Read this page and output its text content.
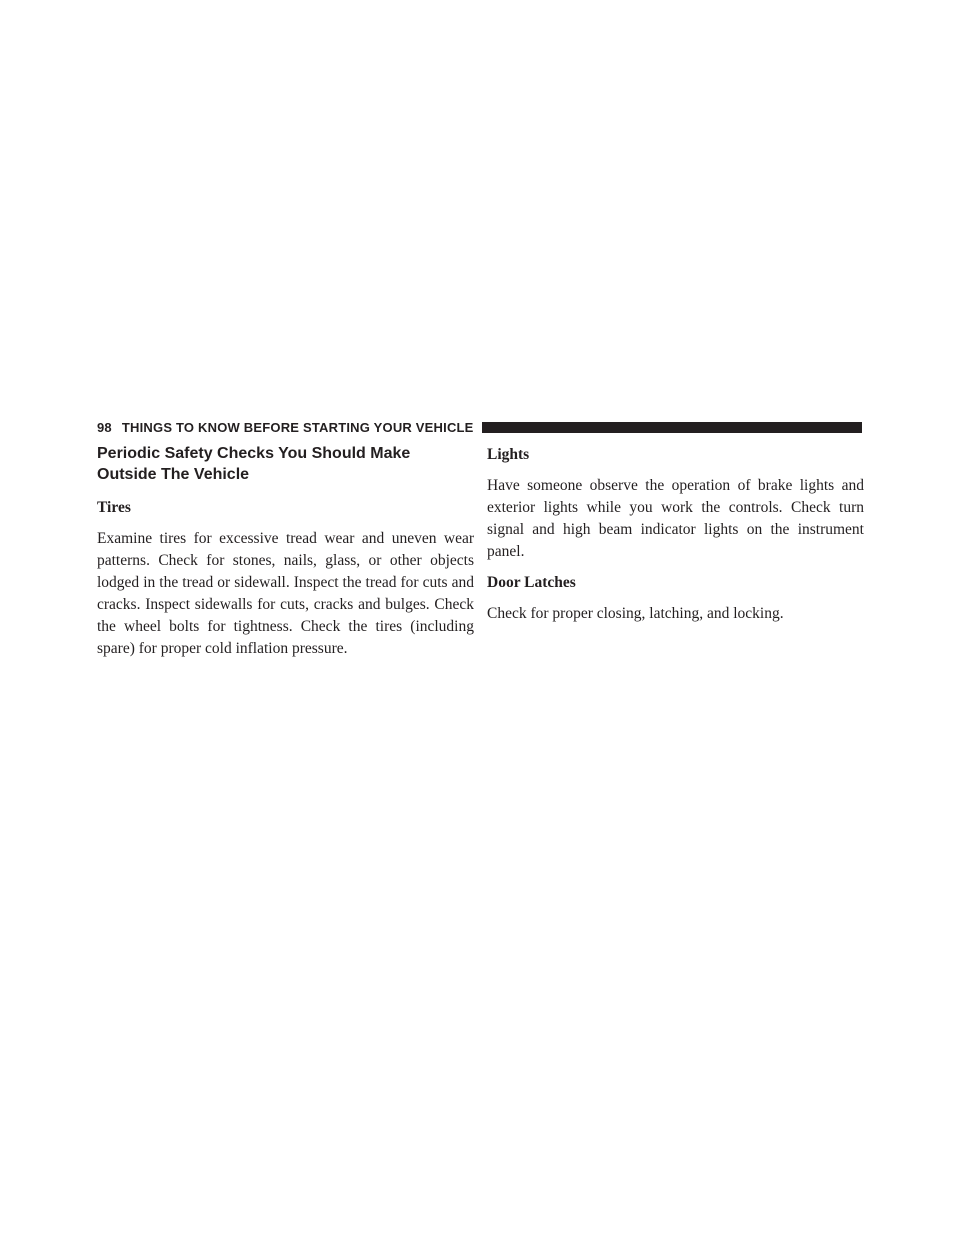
98 THINGS TO KNOW BEFORE STARTING YOUR VEHICLE
Periodic Safety Checks You Should Make Outside The Vehicle
Tires

Examine tires for excessive tread wear and uneven wear patterns. Check for stones, nails, glass, or other objects lodged in the tread or sidewall. Inspect the tread for cuts and cracks. Inspect sidewalls for cuts, cracks and bulges. Check the wheel bolts for tightness. Check the tires (including spare) for proper cold inflation pressure.

Lights

Have someone observe the operation of brake lights and exterior lights while you work the controls. Check turn signal and high beam indicator lights on the instrument panel.

Door Latches

Check for proper closing, latching, and locking.
